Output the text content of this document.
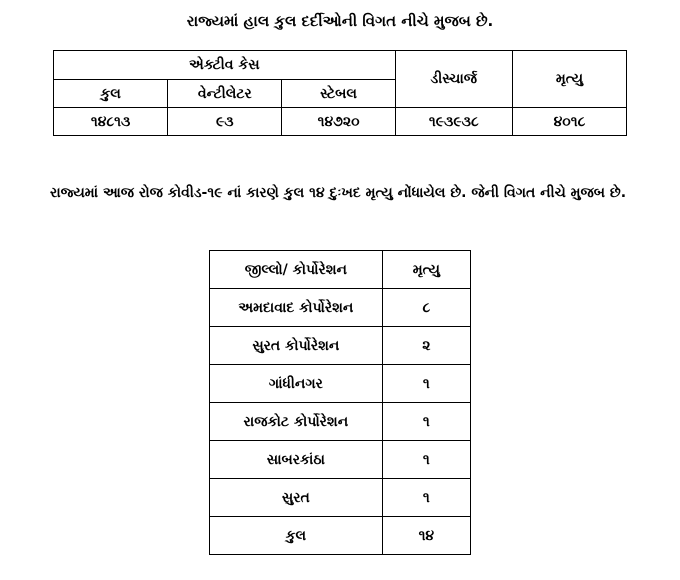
રાજ્યમાં હાલ કુલ દર્દીઓની વિગત નીચે મુજબ છે.
એક્ટીવ કેસ			ડીસ્ચાર્જ	મૃત્યુ
કુલ	વેન્ટીલેટર	સ્ટેબલ		
૧૪૮૧૩	૯૩	૧૪૭૨૦	૧૯૩૯૩૮	૪૦૧૮
રાજ્યમાં આજ રોજ કોવીડ-૧૯ નાં કારણે કુલ ૧૪ દુઃખદ મૃત્યુ નોંધાયેલ છે. જેની વિગત નીચે મુજબ છે.
જીલ્લો/ કોર્પોરેશન	મૃત્યુ
અમદાવાદ કોર્પોરેશન	૮
સુરત કોર્પોરેશન	૨
ગાંધીનગર	૧
રાજકોટ કોર્પોરેશન	૧
સાબરકાંઠા	૧
સુરત	૧
કુલ	૧૪
